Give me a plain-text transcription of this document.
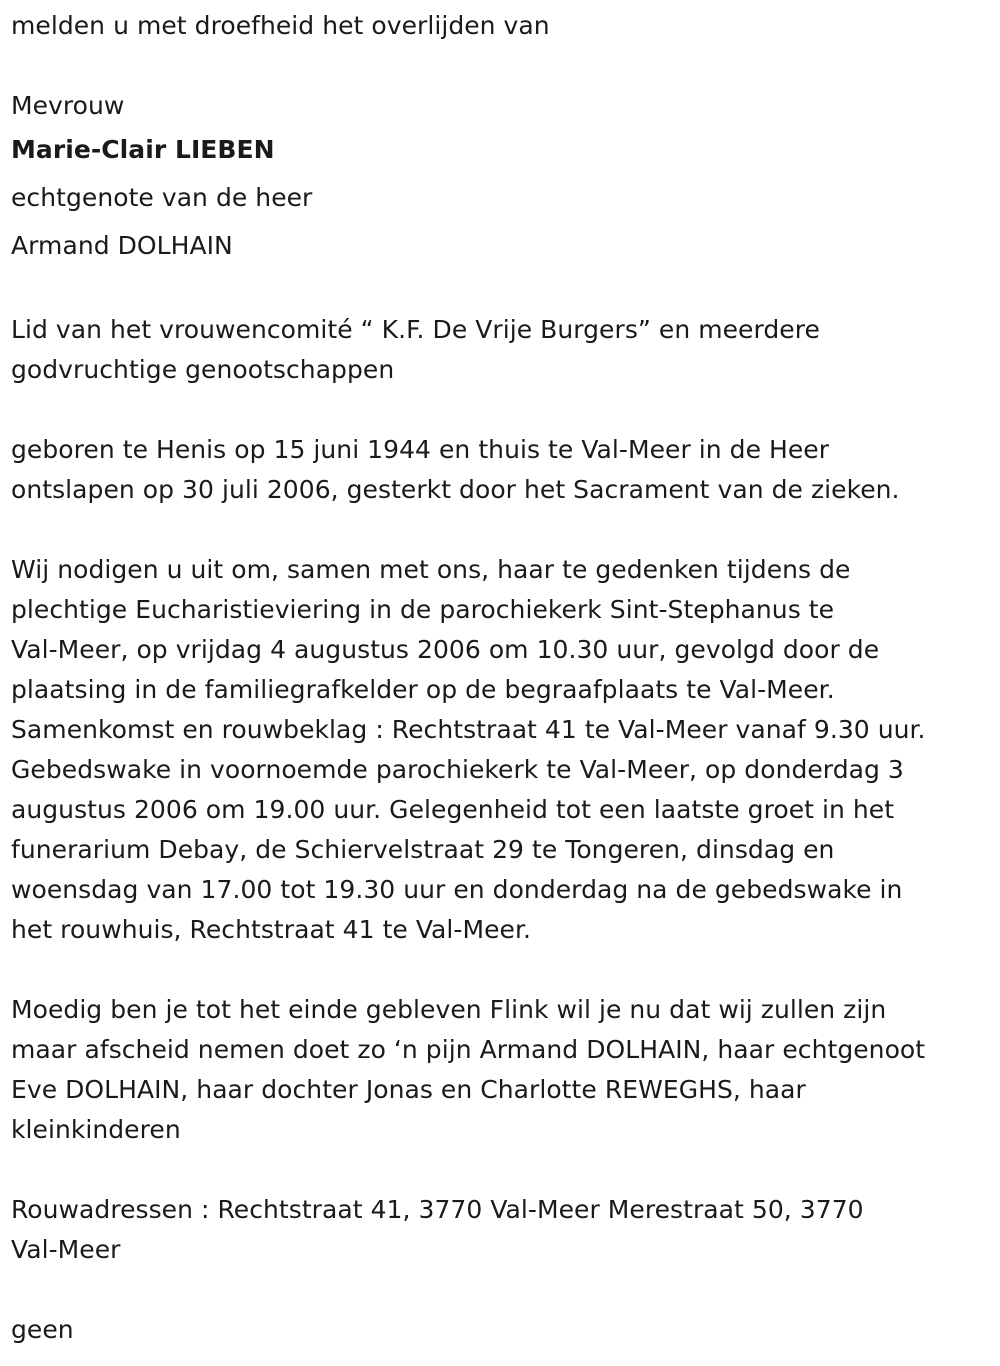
melden u met droefheid het overlijden van

Mevrouw

Marie-Clair LIEBEN

echtgenote van de heer

Armand DOLHAIN

Lid van het vrouwencomité “ K.F. De Vrije Burgers” en meerdere

godvruchtige genootschappen

geboren te Henis op 15 juni 1944 en thuis te Val-Meer in de Heer

ontslapen op 30 juli 2006, gesterkt door het Sacrament van de zieken.

Wij nodigen u uit om, samen met ons, haar te gedenken tijdens de

plechtige Eucharistieviering in de parochiekerk Sint-Stephanus te

Val-Meer, op vrijdag 4 augustus 2006 om 10.30 uur, gevolgd door de

plaatsing in de familiegrafkelder op de begraafplaats te Val-Meer.

Samenkomst en rouwbeklag : Rechtstraat 41 te Val-Meer vanaf 9.30 uur.

Gebedswake in voornoemde parochiekerk te Val-Meer, op donderdag 3

augustus 2006 om 19.00 uur. Gelegenheid tot een laatste groet in het

funerarium Debay, de Schiervelstraat 29 te Tongeren, dinsdag en

woensdag van 17.00 tot 19.30 uur en donderdag na de gebedswake in

het rouwhuis, Rechtstraat 41 te Val-Meer.

Moedig ben je tot het einde gebleven Flink wil je nu dat wij zullen zijn

maar afscheid nemen doet zo ‘n pijn Armand DOLHAIN, haar echtgenoot

Eve DOLHAIN, haar dochter Jonas en Charlotte REWEGHS, haar

kleinkinderen

Rouwadressen : Rechtstraat 41, 3770 Val-Meer Merestraat 50, 3770

Val-Meer

geen
